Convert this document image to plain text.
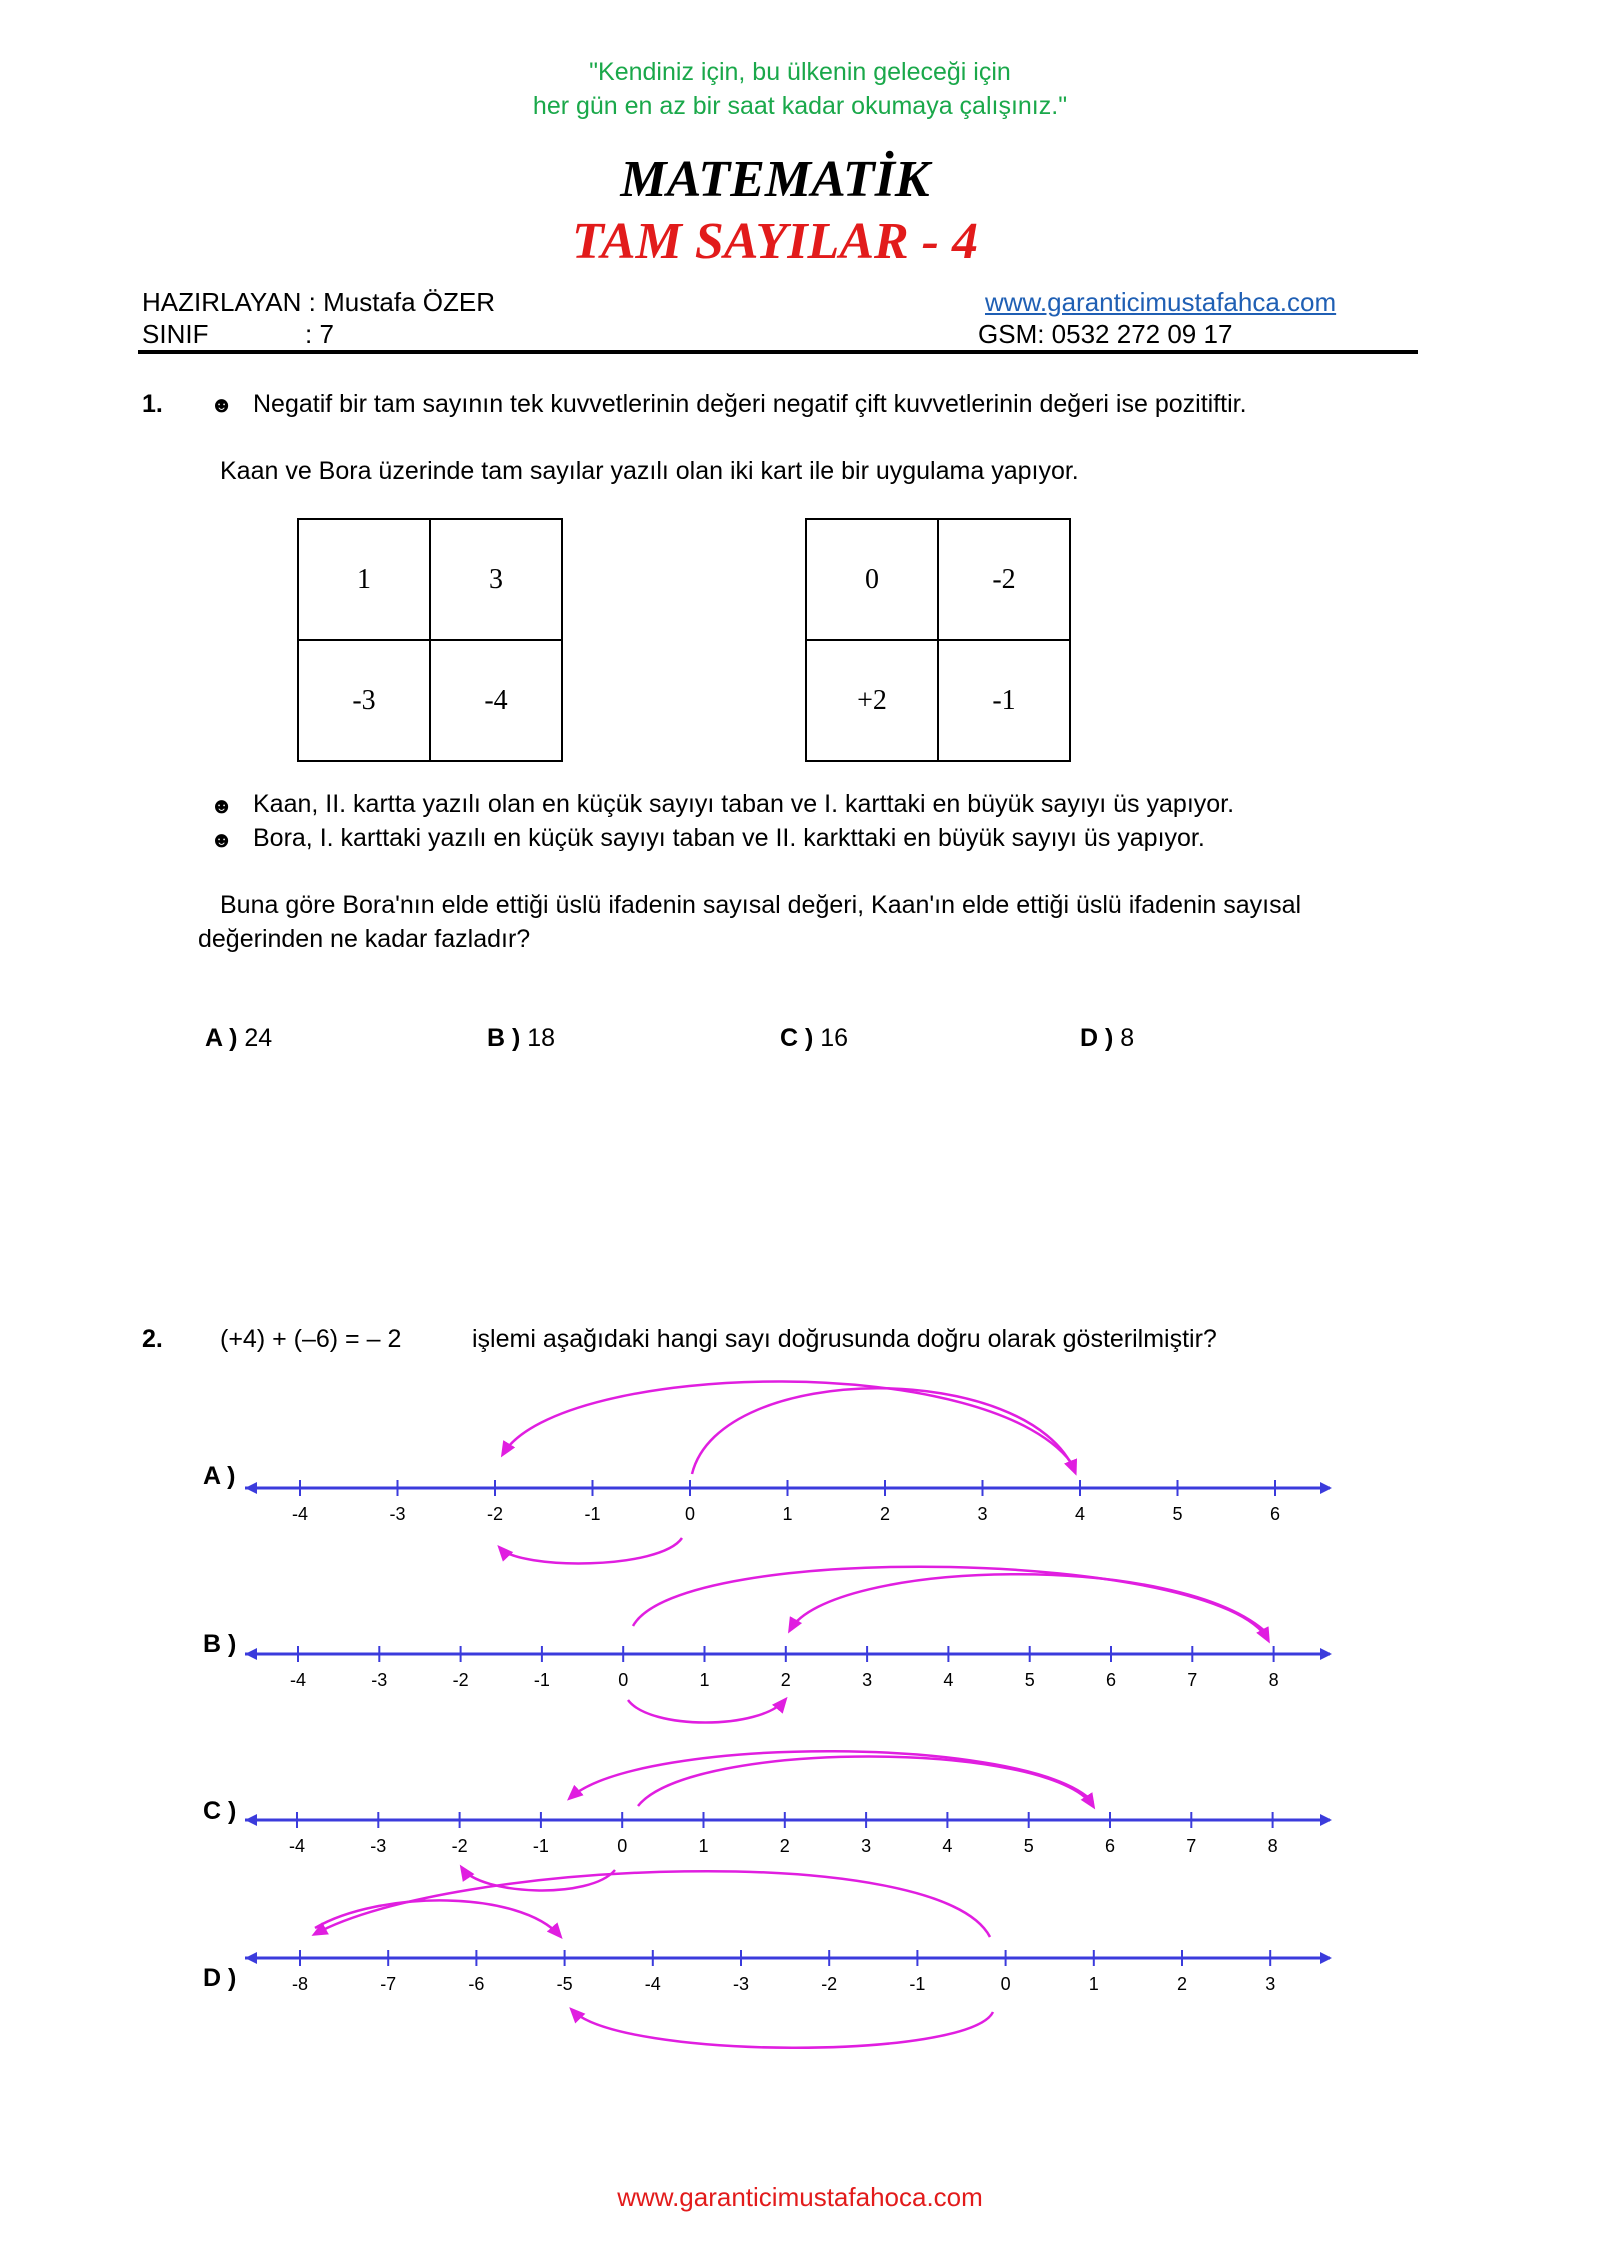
"Kendiniz için, bu ülkenin geleceği için
her gün en az bir saat kadar okumaya çalışınız."
MATEMATİK
TAM SAYILAR - 4
HAZIRLAYAN : Mustafa ÖZER
SINIF	: 7
www.garanticimustafahca.com
GSM: 0532 272 09 17
1. ☻ Negatif bir tam sayının tek kuvvetlerinin değeri negatif çift kuvvetlerinin değeri ise pozitiftir.
Kaan ve Bora üzerinde tam sayılar yazılı olan iki kart ile bir uygulama yapıyor.
1	3
-3	-4
0	-2
+2	-1
☻ Kaan, II. kartta yazılı olan en küçük sayıyı taban ve I. karttaki en büyük sayıyı üs yapıyor.
☻ Bora, I. karttaki yazılı en küçük sayıyı taban ve II. karkttaki en büyük sayıyı üs yapıyor.
Buna göre Bora'nın elde ettiği üslü ifadenin sayısal değeri, Kaan'ın elde ettiği üslü ifadenin sayısal
değerinden ne kadar fazladır?
A ) 24	B ) 18	C ) 16	D ) 8
2. (+4) + (–6) = – 2	işlemi aşağıdaki hangi sayı doğrusunda doğru olarak gösterilmiştir?
A )
B )
C )
D )
-4	-3	-2	-1	0	1	2	3	4	5	6
-4	-3	-2	-1	0	1	2	3	4	5	6	7	8
-4	-3	-2	-1	0	1	2	3	4	5	6	7	8
-8	-7	-6	-5	-4	-3	-2	-1	0	1	2	3
www.garanticimustafahoca.com
